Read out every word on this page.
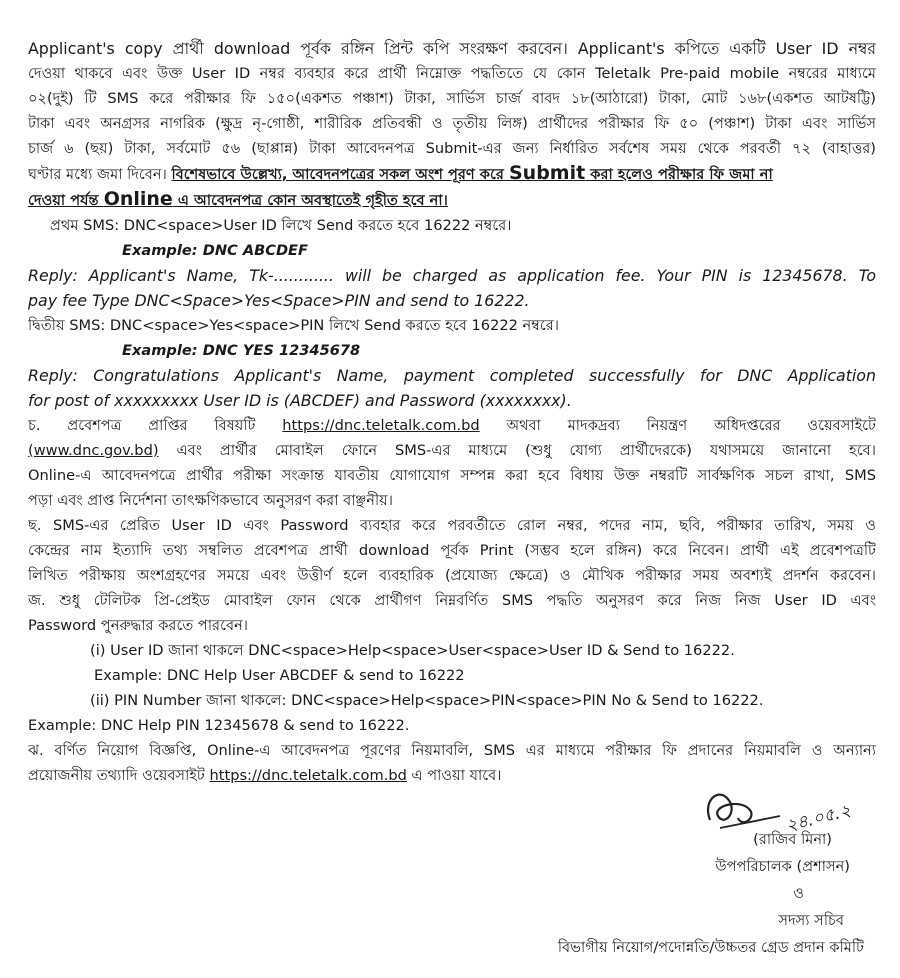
Applicant's copy প্রার্থী download পূর্বক রঙ্গিন প্রিন্ট কপি সংরক্ষণ করবেন। Applicant's কপিতে একটি User ID নম্বর
দেওয়া থাকবে এবং উক্ত User ID নম্বর ব্যবহার করে প্রার্থী নিম্নোক্ত পদ্ধতিতে যে কোন Teletalk Pre-paid mobile নম্বরের মাধ্যমে
০২(দুই) টি SMS করে পরীক্ষার ফি ১৫০(একশত পঞ্চাশ) টাকা, সার্ভিস চার্জ বাবদ ১৮(আঠারো) টাকা, মোট ১৬৮(একশত আটষট্টি)
টাকা এবং অনগ্রসর নাগরিক (ক্ষুদ্র নৃ-গোষ্ঠী, শারীরিক প্রতিবন্ধী ও তৃতীয় লিঙ্গ) প্রার্থীদের পরীক্ষার ফি ৫০ (পঞ্চাশ) টাকা এবং সার্ভিস
চার্জ ৬ (ছয়) টাকা, সর্বমোট ৫৬ (ছাপ্পান্ন) টাকা আবেদনপত্র Submit-এর জন্য নির্ধারিত সর্বশেষ সময় থেকে পরবর্তী ৭২ (বাহাত্তর)
ঘণ্টার মধ্যে জমা দিবেন। বিশেষভাবে উল্লেখ্য, আবেদনপত্রের সকল অংশ পূরণ করে Submit করা হলেও পরীক্ষার ফি জমা না
দেওয়া পর্যন্ত Online এ আবেদনপত্র কোন অবস্থাতেই গৃহীত হবে না।
প্রথম SMS: DNC<space>User ID লিখে Send করতে হবে 16222 নম্বরে।
Example: DNC ABCDEF
Reply: Applicant's Name, Tk-............ will be charged as application fee. Your PIN is 12345678. To
pay fee Type DNC<Space>Yes<Space>PIN and send to 16222.
দ্বিতীয় SMS: DNC<space>Yes<space>PIN লিখে Send করতে হবে 16222 নম্বরে।
Example: DNC YES 12345678
Reply: Congratulations Applicant's Name, payment completed successfully for DNC Application
for post of xxxxxxxxx User ID is (ABCDEF) and Password (xxxxxxxx).
চ. প্রবেশপত্র প্রাপ্তির বিষয়টি https://dnc.teletalk.com.bd অথবা মাদকদ্রব্য নিয়ন্ত্রণ অধিদপ্তরের ওয়েবসাইটে
(www.dnc.gov.bd) এবং প্রার্থীর মোবাইল ফোনে SMS-এর মাধ্যমে (শুধু যোগ্য প্রার্থীদেরকে) যথাসময়ে জানানো হবে।
Online-এ আবেদনপত্রে প্রার্থীর পরীক্ষা সংক্রান্ত যাবতীয় যোগাযোগ সম্পন্ন করা হবে বিধায় উক্ত নম্বরটি সার্বক্ষণিক সচল রাখা, SMS
পড়া এবং প্রাপ্ত নির্দেশনা তাৎক্ষণিকভাবে অনুসরণ করা বাঞ্ছনীয়।
ছ. SMS-এর প্রেরিত User ID এবং Password ব্যবহার করে পরবর্তীতে রোল নম্বর, পদের নাম, ছবি, পরীক্ষার তারিখ, সময় ও
কেন্দ্রের নাম ইত্যাদি তথ্য সম্বলিত প্রবেশপত্র প্রার্থী download পূর্বক Print (সম্ভব হলে রঙ্গিন) করে নিবেন। প্রার্থী এই প্রবেশপত্রটি
লিখিত পরীক্ষায় অংশগ্রহণের সময়ে এবং উত্তীর্ণ হলে ব্যবহারিক (প্রযোজ্য ক্ষেত্রে) ও মৌখিক পরীক্ষার সময় অবশ্যই প্রদর্শন করবেন।
জ. শুধু টেলিটক প্রি-প্রেইড মোবাইল ফোন থেকে প্রার্থীগণ নিম্নবর্ণিত SMS পদ্ধতি অনুসরণ করে নিজ নিজ User ID এবং
Password পুনরুদ্ধার করতে পারবেন।
(i) User ID জানা থাকলে DNC<space>Help<space>User<space>User ID & Send to 16222.
Example: DNC Help User ABCDEF & send to 16222
(ii) PIN Number জানা থাকলে: DNC<space>Help<space>PIN<space>PIN No & Send to 16222.
Example: DNC Help PIN 12345678 & send to 16222.
ঝ. বর্ণিত নিয়োগ বিজ্ঞপ্তি, Online-এ আবেদনপত্র পূরণের নিয়মাবলি, SMS এর মাধ্যমে পরীক্ষার ফি প্রদানের নিয়মাবলি ও অন্যান্য
প্রয়োজনীয় তথ্যাদি ওয়েবসাইট https://dnc.teletalk.com.bd এ পাওয়া যাবে।
২৪.০৫.২
(রাজিব মিনা)
উপপরিচালক (প্রশাসন)
ও
সদস্য সচিব
বিভাগীয় নিয়োগ/পদোন্নতি/উচ্চতর গ্রেড প্রদান কমিটি
